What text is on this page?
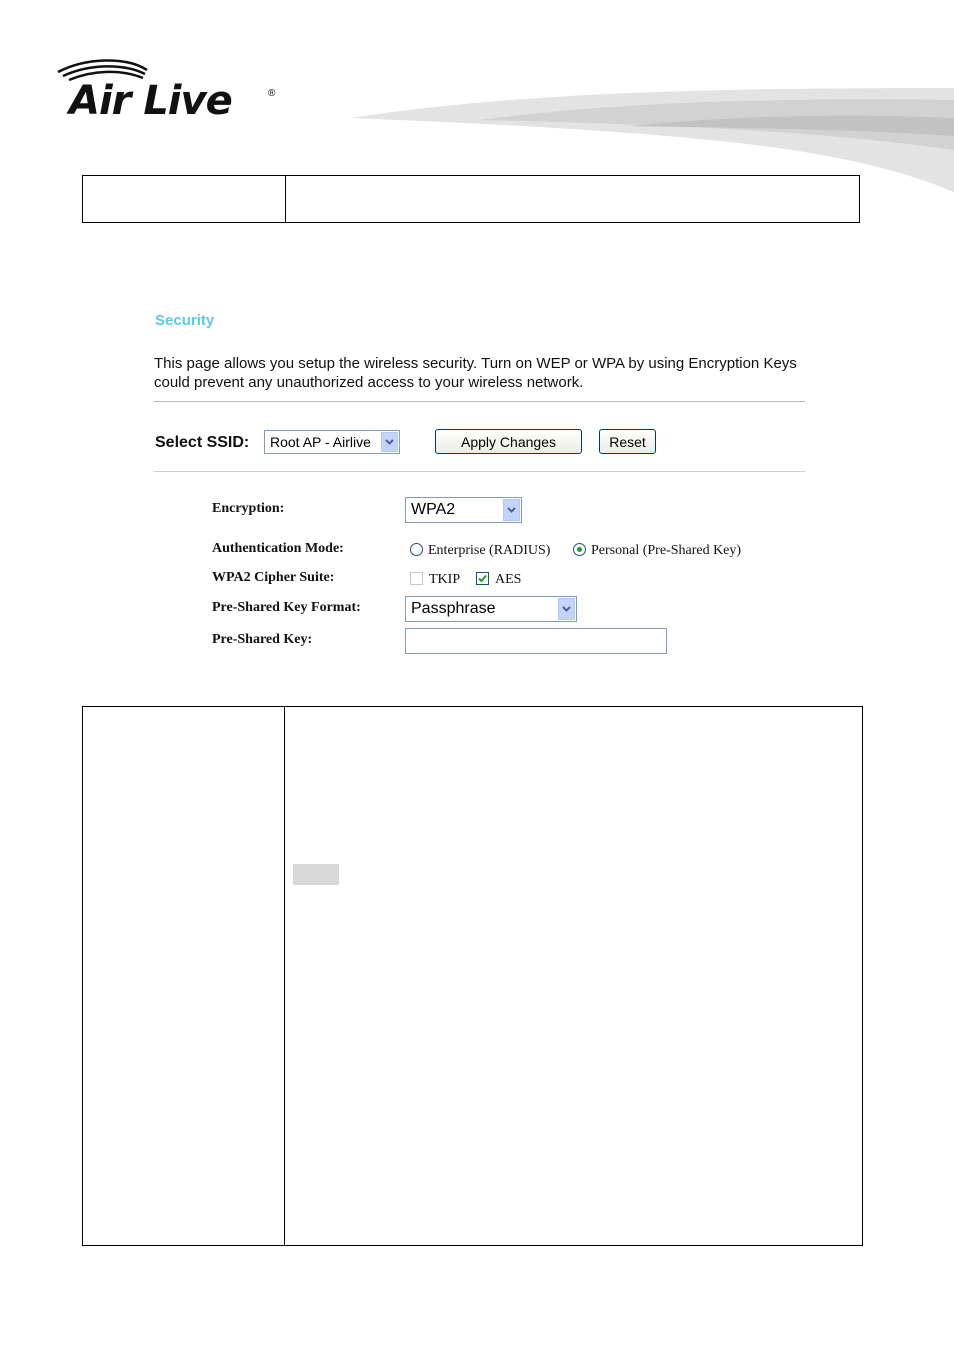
Air Live	®
Security
This page allows you setup the wireless security. Turn on WEP or WPA by using Encryption Keys could prevent any unauthorized access to your wireless network.
Select SSID: Root AP - Airlive	Apply Changes	Reset
Encryption:	WPA2
Authentication Mode:	Enterprise (RADIUS)	Personal (Pre-Shared Key)
WPA2 Cipher Suite:	TKIP AES
Pre-Shared Key Format:	Passphrase
Pre-Shared Key:
